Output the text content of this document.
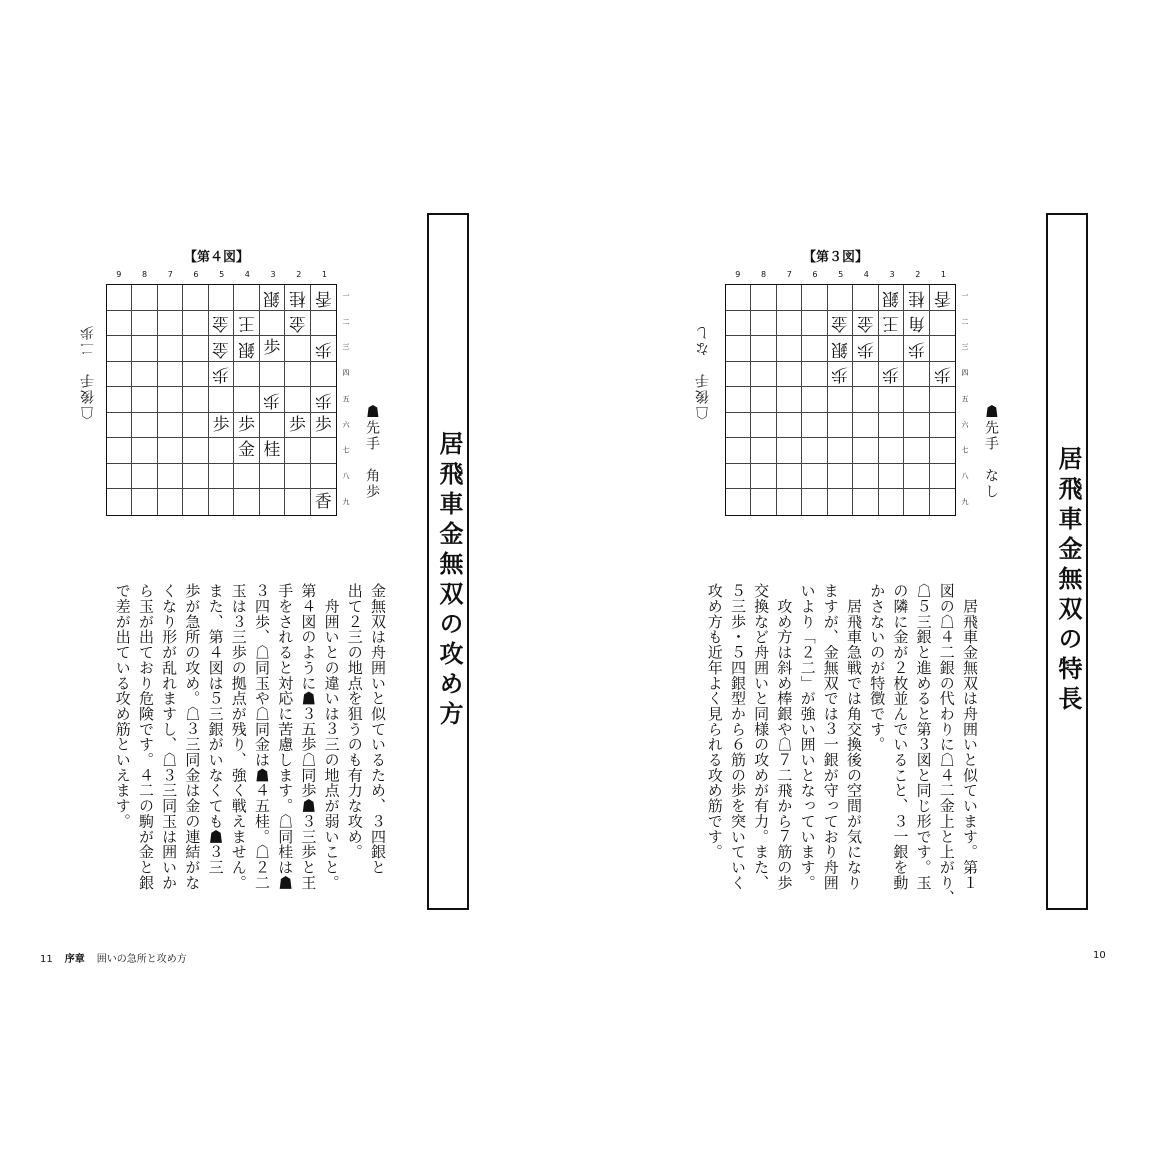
居飛車金無双の攻め方
【第４図】
9	8	7	6	5	4	3	2	1
銀 桂 香
金 王 金
金 銀 歩 歩
歩
歩 歩
歩 歩 歩 歩
金 桂
香
一
二
三
四
五
六
七
八
九
☗先手　角歩
☖後手　二歩
金無双は舟囲いと似ているため、３四銀と
出て２三の地点を狙うのも有力な攻め。
　舟囲いとの違いは３三の地点が弱いこと。
第４図のように☗３五歩☖同歩☗３三歩と王
手をされると対応に苦慮します。☖同桂は☗
３四歩、☖同玉や☖同金は☗４五桂。☖２二
玉は３三歩の拠点が残り、強く戦えません。
また、第４図は５三銀がいなくても☗３三
歩が急所の攻め。☖３三同金は金の連結がな
くなり形が乱れますし、☖３三同玉は囲いか
ら玉が出ており危険です。４二の駒が金と銀
で差が出ている攻め筋といえます。
11 序章 囲いの急所と攻め方
居飛車金無双の特長
【第３図】
9	8	7	6	5	4	3	2	1
銀 桂 香
金 金 王 角
銀 歩 歩
歩 歩 歩
一
二
三
四
五
六
七
八
九
☗先手　なし
☖後手　なし
　居飛車金無双は舟囲いと似ています。第１
図の☖４二銀の代わりに☖４二金上と上がり、
☖５三銀と進めると第３図と同じ形です。玉
の隣に金が２枚並んでいること、３一銀を動
かさないのが特徴です。
　居飛車急戦では角交換後の空間が気になり
ますが、金無双では３一銀が守っており舟囲
いより「２二」が強い囲いとなっています。
　攻め方は斜め棒銀や☖７二飛から７筋の歩
交換など舟囲いと同様の攻めが有力。また、
５三歩・５四銀型から６筋の歩を突いていく
攻め方も近年よく見られる攻め筋です。
10
